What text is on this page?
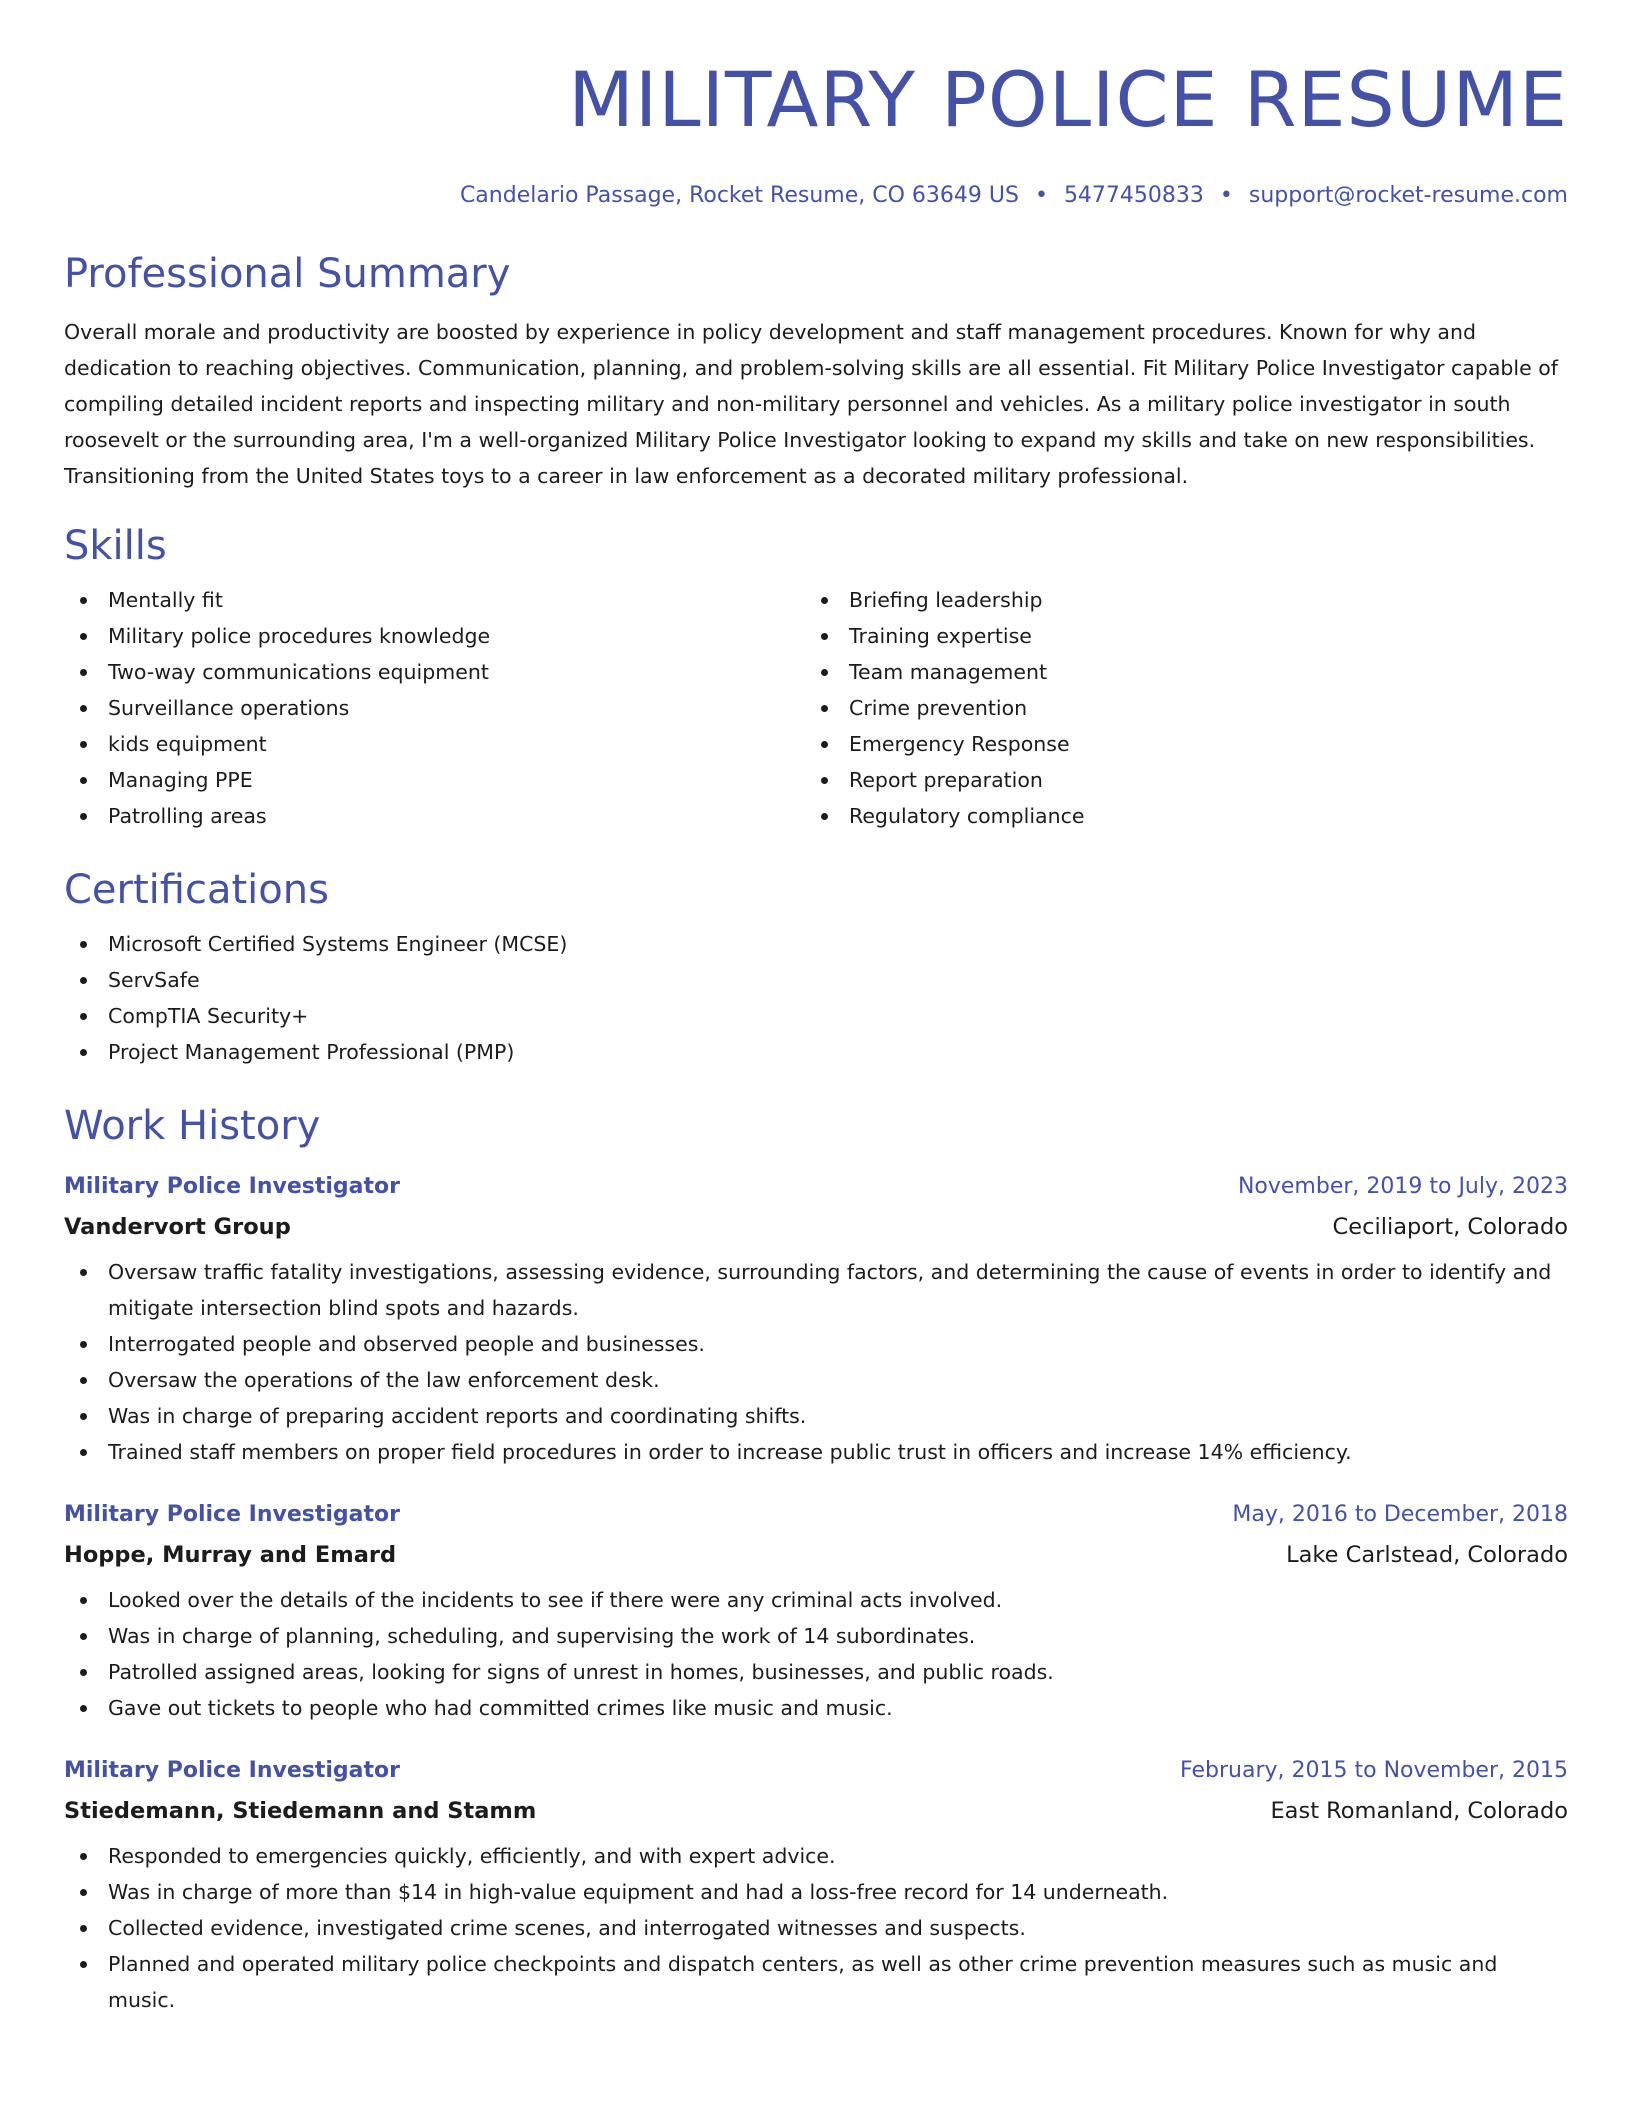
MILITARY POLICE RESUME
Candelario Passage, Rocket Resume, CO 63649 US • 5477450833 • support@rocket-resume.com
Professional Summary

Overall morale and productivity are boosted by experience in policy development and staff management procedures. Known for why and dedication to reaching objectives. Communication, planning, and problem-solving skills are all essential. Fit Military Police Investigator capable of compiling detailed incident reports and inspecting military and non-military personnel and vehicles. As a military police investigator in south roosevelt or the surrounding area, I'm a well-organized Military Police Investigator looking to expand my skills and take on new responsibilities. Transitioning from the United States toys to a career in law enforcement as a decorated military professional.

Skills
Mentally fit
Military police procedures knowledge
Two-way communications equipment
Surveillance operations
kids equipment
Managing PPE
Patrolling areas
Briefing leadership
Training expertise
Team management
Crime prevention
Emergency Response
Report preparation
Regulatory compliance
Certifications
Microsoft Certified Systems Engineer (MCSE)
ServSafe
CompTIA Security+
Project Management Professional (PMP)
Work History
Military Police Investigator	November, 2019 to July, 2023
Vandervort Group	Ceciliaport, Colorado
Oversaw traffic fatality investigations, assessing evidence, surrounding factors, and determining the cause of events in order to identify and mitigate intersection blind spots and hazards.
Interrogated people and observed people and businesses.
Oversaw the operations of the law enforcement desk.
Was in charge of preparing accident reports and coordinating shifts.
Trained staff members on proper field procedures in order to increase public trust in officers and increase 14% efficiency.
Military Police Investigator	May, 2016 to December, 2018
Hoppe, Murray and Emard	Lake Carlstead, Colorado
Looked over the details of the incidents to see if there were any criminal acts involved.
Was in charge of planning, scheduling, and supervising the work of 14 subordinates.
Patrolled assigned areas, looking for signs of unrest in homes, businesses, and public roads.
Gave out tickets to people who had committed crimes like music and music.
Military Police Investigator	February, 2015 to November, 2015
Stiedemann, Stiedemann and Stamm	East Romanland, Colorado
Responded to emergencies quickly, efficiently, and with expert advice.
Was in charge of more than $14 in high-value equipment and had a loss-free record for 14 underneath.
Collected evidence, investigated crime scenes, and interrogated witnesses and suspects.
Planned and operated military police checkpoints and dispatch centers, as well as other crime prevention measures such as music and music.
